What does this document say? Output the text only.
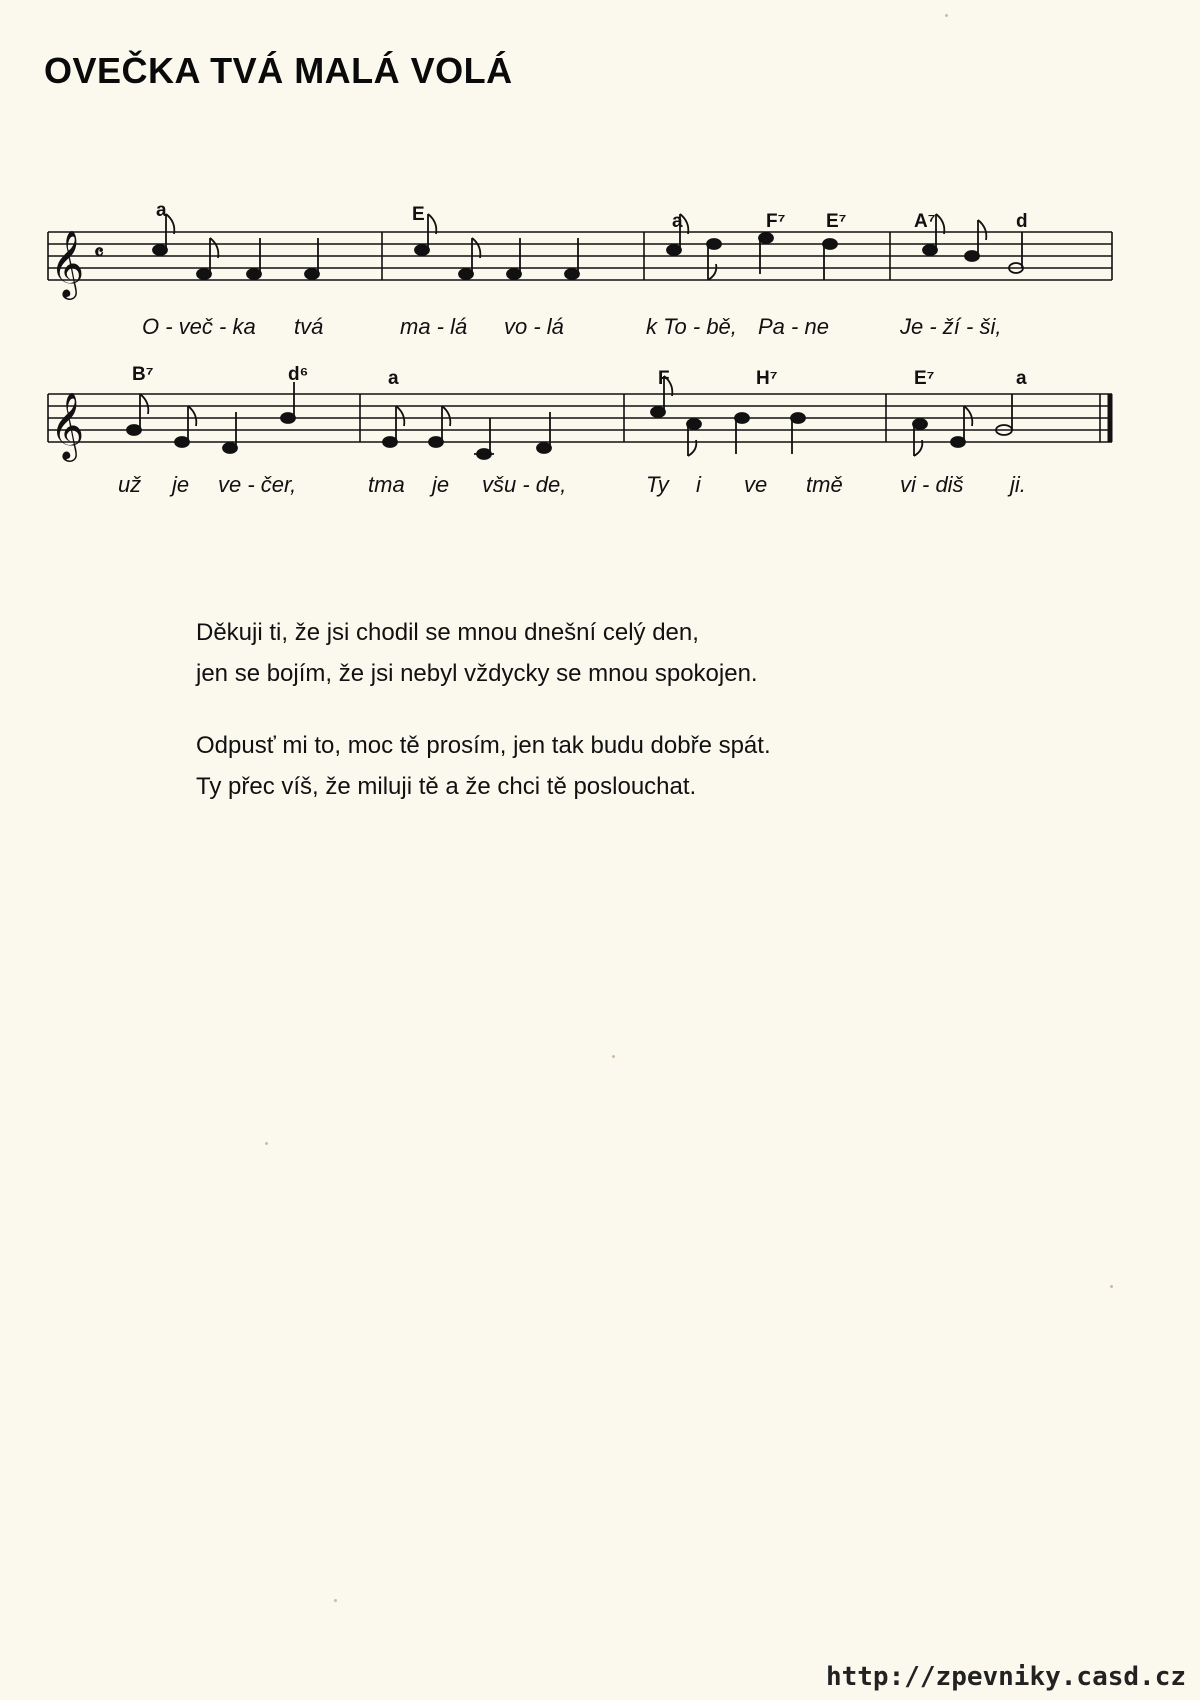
OVEČKA TVÁ MALÁ VOLÁ
𝄞 𝄴
a	E	a	F⁷ E⁷	A⁷	d
O - več - ka tvá	ma - lá vo - lá	k To - bě, Pa - ne	Je - ží - ši,
𝄞
B⁷	d⁶	a	F	H⁷	E⁷	a
už je ve - čer,	tma je všu - de,	Ty i ve tmě	vi - diš ji.
Děkuji ti, že jsi chodil se mnou dnešní celý den,
jen se bojím, že jsi nebyl vždycky se mnou spokojen.
Odpusť mi to, moc tě prosím, jen tak budu dobře spát.
Ty přec víš, že miluji tě a že chci tě poslouchat.
http://zpevniky.casd.cz
